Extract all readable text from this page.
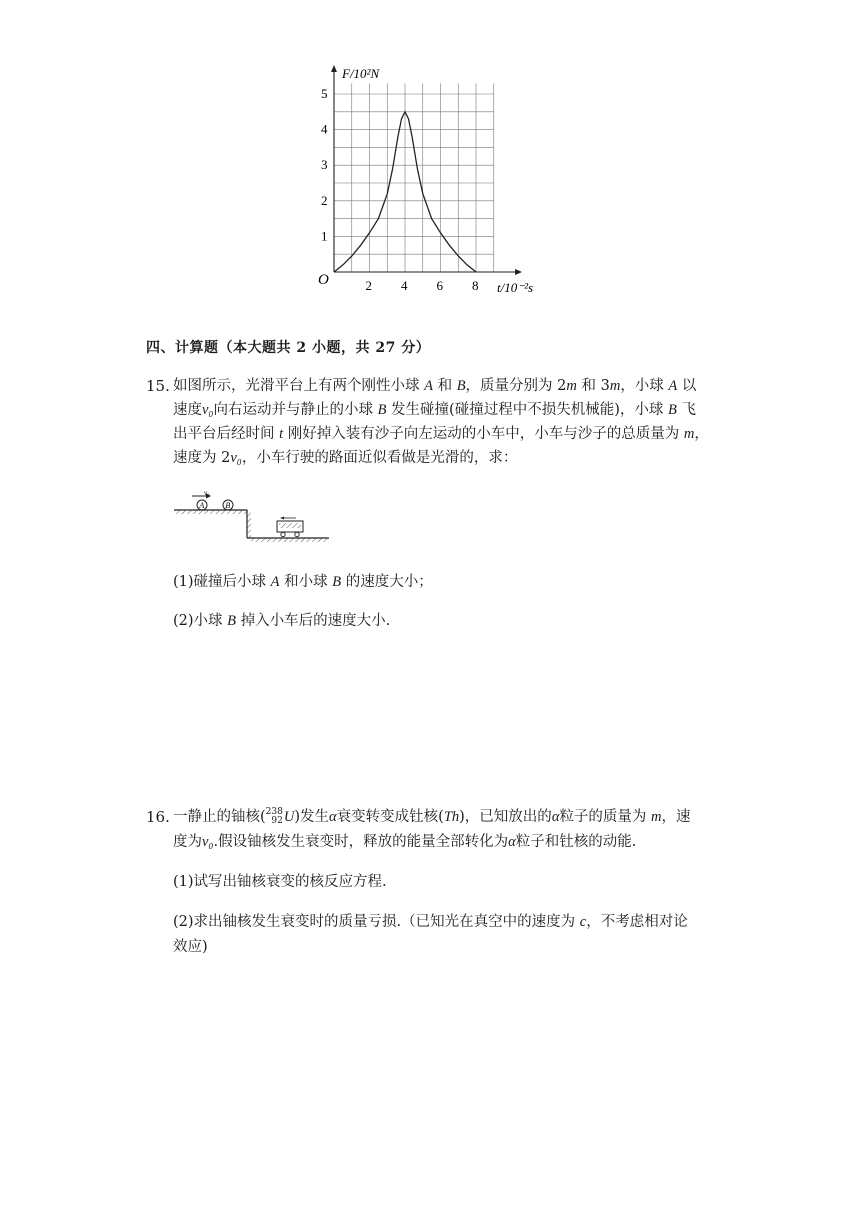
2 4 6 8
1
2
3
4
5
F/10²N
t/10⁻²s
O
四、计算题（本大题共 2 小题，共 27 分）
15. 如图所示，光滑平台上有两个刚性小球 A 和 B，质量分别为 2m 和 3m，小球 A 以
速度v₀向右运动并与静止的小球 B 发生碰撞(碰撞过程中不损失机械能)，小球 B 飞
出平台后经时间 t 刚好掉入装有沙子向左运动的小车中，小车与沙子的总质量为 m，
速度为 2v₀，小车行驶的路面近似看做是光滑的，求：
v₀
A	B
(1)碰撞后小球 A 和小球 B 的速度大小；
(2)小球 B 掉入小车后的速度大小.
16. 一静止的铀核( 238
92 U)发生α衰变转变成钍核(Th)，已知放出的α粒子的质量为 m，速
度为v₀.假设铀核发生衰变时，释放的能量全部转化为α粒子和钍核的动能.
(1)试写出铀核衰变的核反应方程.
(2)求出铀核发生衰变时的质量亏损.（已知光在真空中的速度为 c，不考虑相对论
效应)
